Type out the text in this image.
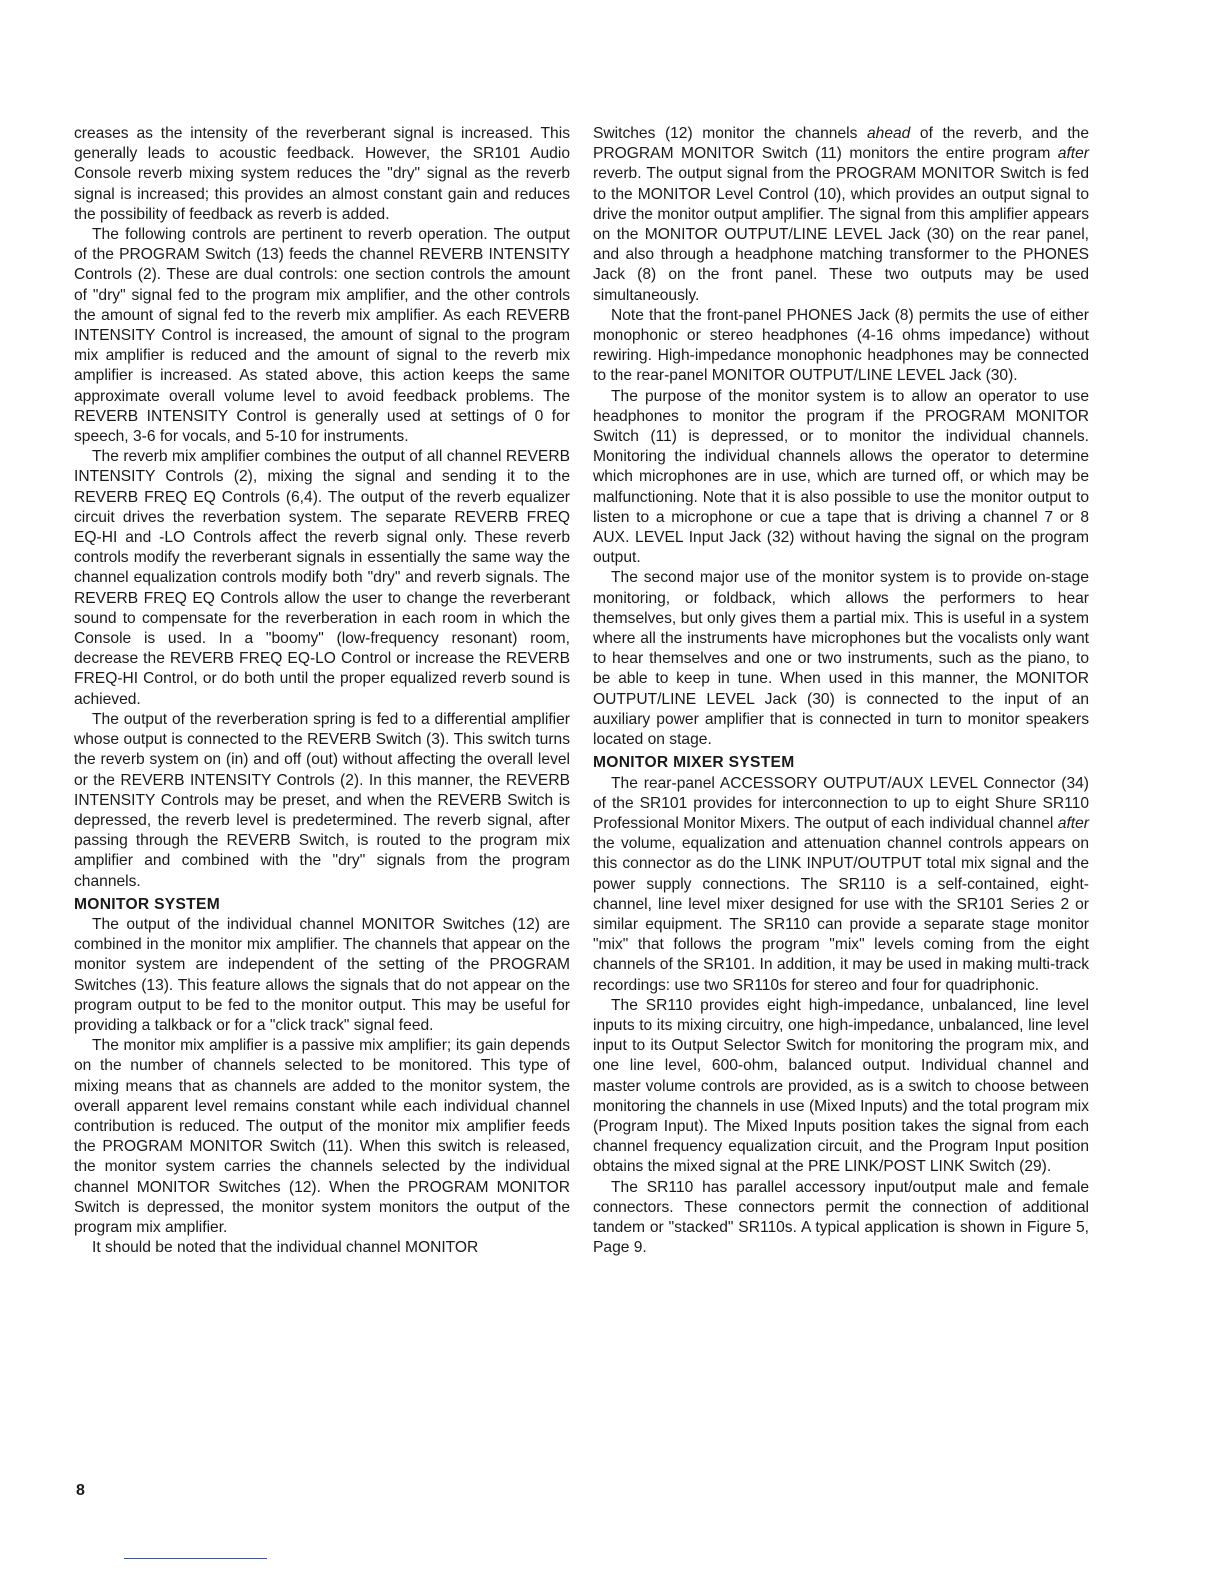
creases as the intensity of the reverberant signal is increased. This generally leads to acoustic feedback. However, the SR101 Audio Console reverb mixing system reduces the "dry" signal as the reverb signal is increased; this provides an almost constant gain and reduces the possibility of feedback as reverb is added.

The following controls are pertinent to reverb operation. The output of the PROGRAM Switch (13) feeds the channel REVERB INTENSITY Controls (2). These are dual controls: one section controls the amount of "dry" signal fed to the program mix amplifier, and the other controls the amount of signal fed to the reverb mix amplifier. As each REVERB INTENSITY Control is increased, the amount of signal to the program mix amplifier is reduced and the amount of signal to the reverb mix amplifier is increased. As stated above, this action keeps the same approximate overall volume level to avoid feedback problems. The REVERB INTENSITY Control is generally used at settings of 0 for speech, 3-6 for vocals, and 5-10 for instruments.

The reverb mix amplifier combines the output of all channel REVERB INTENSITY Controls (2), mixing the signal and sending it to the REVERB FREQ EQ Controls (6,4). The output of the reverb equalizer circuit drives the reverbation system. The separate REVERB FREQ EQ-HI and -LO Controls affect the reverb signal only. These reverb controls modify the reverberant signals in essentially the same way the channel equalization controls modify both "dry" and reverb signals. The REVERB FREQ EQ Controls allow the user to change the reverberant sound to compensate for the reverberation in each room in which the Console is used. In a "boomy" (low-frequency resonant) room, decrease the REVERB FREQ EQ-LO Control or increase the REVERB FREQ-HI Control, or do both until the proper equalized reverb sound is achieved.

The output of the reverberation spring is fed to a differential amplifier whose output is connected to the REVERB Switch (3). This switch turns the reverb system on (in) and off (out) without affecting the overall level or the REVERB INTENSITY Controls (2). In this manner, the REVERB INTENSITY Controls may be preset, and when the REVERB Switch is depressed, the reverb level is predetermined. The reverb signal, after passing through the REVERB Switch, is routed to the program mix amplifier and combined with the "dry" signals from the program channels.

MONITOR SYSTEM

The output of the individual channel MONITOR Switches (12) are combined in the monitor mix amplifier. The channels that appear on the monitor system are independent of the setting of the PROGRAM Switches (13). This feature allows the signals that do not appear on the program output to be fed to the monitor output. This may be useful for providing a talkback or for a "click track" signal feed.

The monitor mix amplifier is a passive mix amplifier; its gain depends on the number of channels selected to be monitored. This type of mixing means that as channels are added to the monitor system, the overall apparent level remains constant while each individual channel contribution is reduced. The output of the monitor mix amplifier feeds the PROGRAM MONITOR Switch (11). When this switch is released, the monitor system carries the channels selected by the individual channel MONITOR Switches (12). When the PROGRAM MONITOR Switch is depressed, the monitor system monitors the output of the program mix amplifier.

It should be noted that the individual channel MONITOR

Switches (12) monitor the channels ahead of the reverb, and the PROGRAM MONITOR Switch (11) monitors the entire program after reverb. The output signal from the PROGRAM MONITOR Switch is fed to the MONITOR Level Control (10), which provides an output signal to drive the monitor output amplifier. The signal from this amplifier appears on the MONITOR OUTPUT/LINE LEVEL Jack (30) on the rear panel, and also through a headphone matching transformer to the PHONES Jack (8) on the front panel. These two outputs may be used simultaneously.

Note that the front-panel PHONES Jack (8) permits the use of either monophonic or stereo headphones (4-16 ohms impedance) without rewiring. High-impedance monophonic headphones may be connected to the rear-panel MONITOR OUTPUT/LINE LEVEL Jack (30).

The purpose of the monitor system is to allow an operator to use headphones to monitor the program if the PROGRAM MONITOR Switch (11) is depressed, or to monitor the individual channels. Monitoring the individual channels allows the operator to determine which microphones are in use, which are turned off, or which may be malfunctioning. Note that it is also possible to use the monitor output to listen to a microphone or cue a tape that is driving a channel 7 or 8 AUX. LEVEL Input Jack (32) without having the signal on the program output.

The second major use of the monitor system is to provide on-stage monitoring, or foldback, which allows the performers to hear themselves, but only gives them a partial mix. This is useful in a system where all the instruments have microphones but the vocalists only want to hear themselves and one or two instruments, such as the piano, to be able to keep in tune. When used in this manner, the MONITOR OUTPUT/LINE LEVEL Jack (30) is connected to the input of an auxiliary power amplifier that is connected in turn to monitor speakers located on stage.

MONITOR MIXER SYSTEM

The rear-panel ACCESSORY OUTPUT/AUX LEVEL Connector (34) of the SR101 provides for interconnection to up to eight Shure SR110 Professional Monitor Mixers. The output of each individual channel after the volume, equalization and attenuation channel controls appears on this connector as do the LINK INPUT/OUTPUT total mix signal and the power supply connections. The SR110 is a self-contained, eight-channel, line level mixer designed for use with the SR101 Series 2 or similar equipment. The SR110 can provide a separate stage monitor "mix" that follows the program "mix" levels coming from the eight channels of the SR101. In addition, it may be used in making multi-track recordings: use two SR110s for stereo and four for quadriphonic.

The SR110 provides eight high-impedance, unbalanced, line level inputs to its mixing circuitry, one high-impedance, unbalanced, line level input to its Output Selector Switch for monitoring the program mix, and one line level, 600-ohm, balanced output. Individual channel and master volume controls are provided, as is a switch to choose between monitoring the channels in use (Mixed Inputs) and the total program mix (Program Input). The Mixed Inputs position takes the signal from each channel frequency equalization circuit, and the Program Input position obtains the mixed signal at the PRE LINK/POST LINK Switch (29).

The SR110 has parallel accessory input/output male and female connectors. These connectors permit the connection of additional tandem or "stacked" SR110s. A typical application is shown in Figure 5, Page 9.

8
